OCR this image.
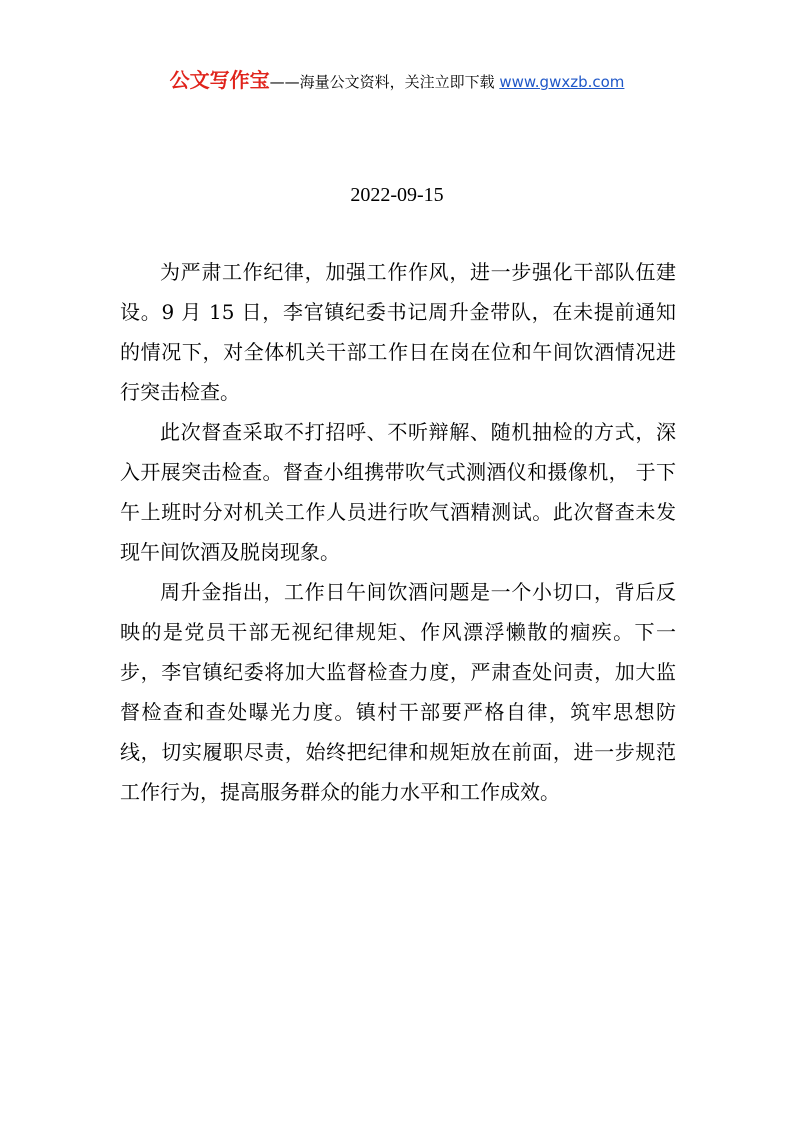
公文写作宝——海量公文资料，关注立即下载 www.gwxzb.com
2022-09-15

为严肃工作纪律，加强工作作风，进一步强化干部队伍建设。9 月 15 日，李官镇纪委书记周升金带队，在未提前通知的情况下，对全体机关干部工作日在岗在位和午间饮酒情况进行突击检查。

此次督查采取不打招呼、不听辩解、随机抽检的方式，深入开展突击检查。督查小组携带吹气式测酒仪和摄像机， 于下午上班时分对机关工作人员进行吹气酒精测试。此次督查未发现午间饮酒及脱岗现象。

周升金指出，工作日午间饮酒问题是一个小切口，背后反映的是党员干部无视纪律规矩、作风漂浮懒散的痼疾。下一步，李官镇纪委将加大监督检查力度，严肃查处问责，加大监督检查和查处曝光力度。镇村干部要严格自律，筑牢思想防线，切实履职尽责，始终把纪律和规矩放在前面，进一步规范工作行为，提高服务群众的能力水平和工作成效。
